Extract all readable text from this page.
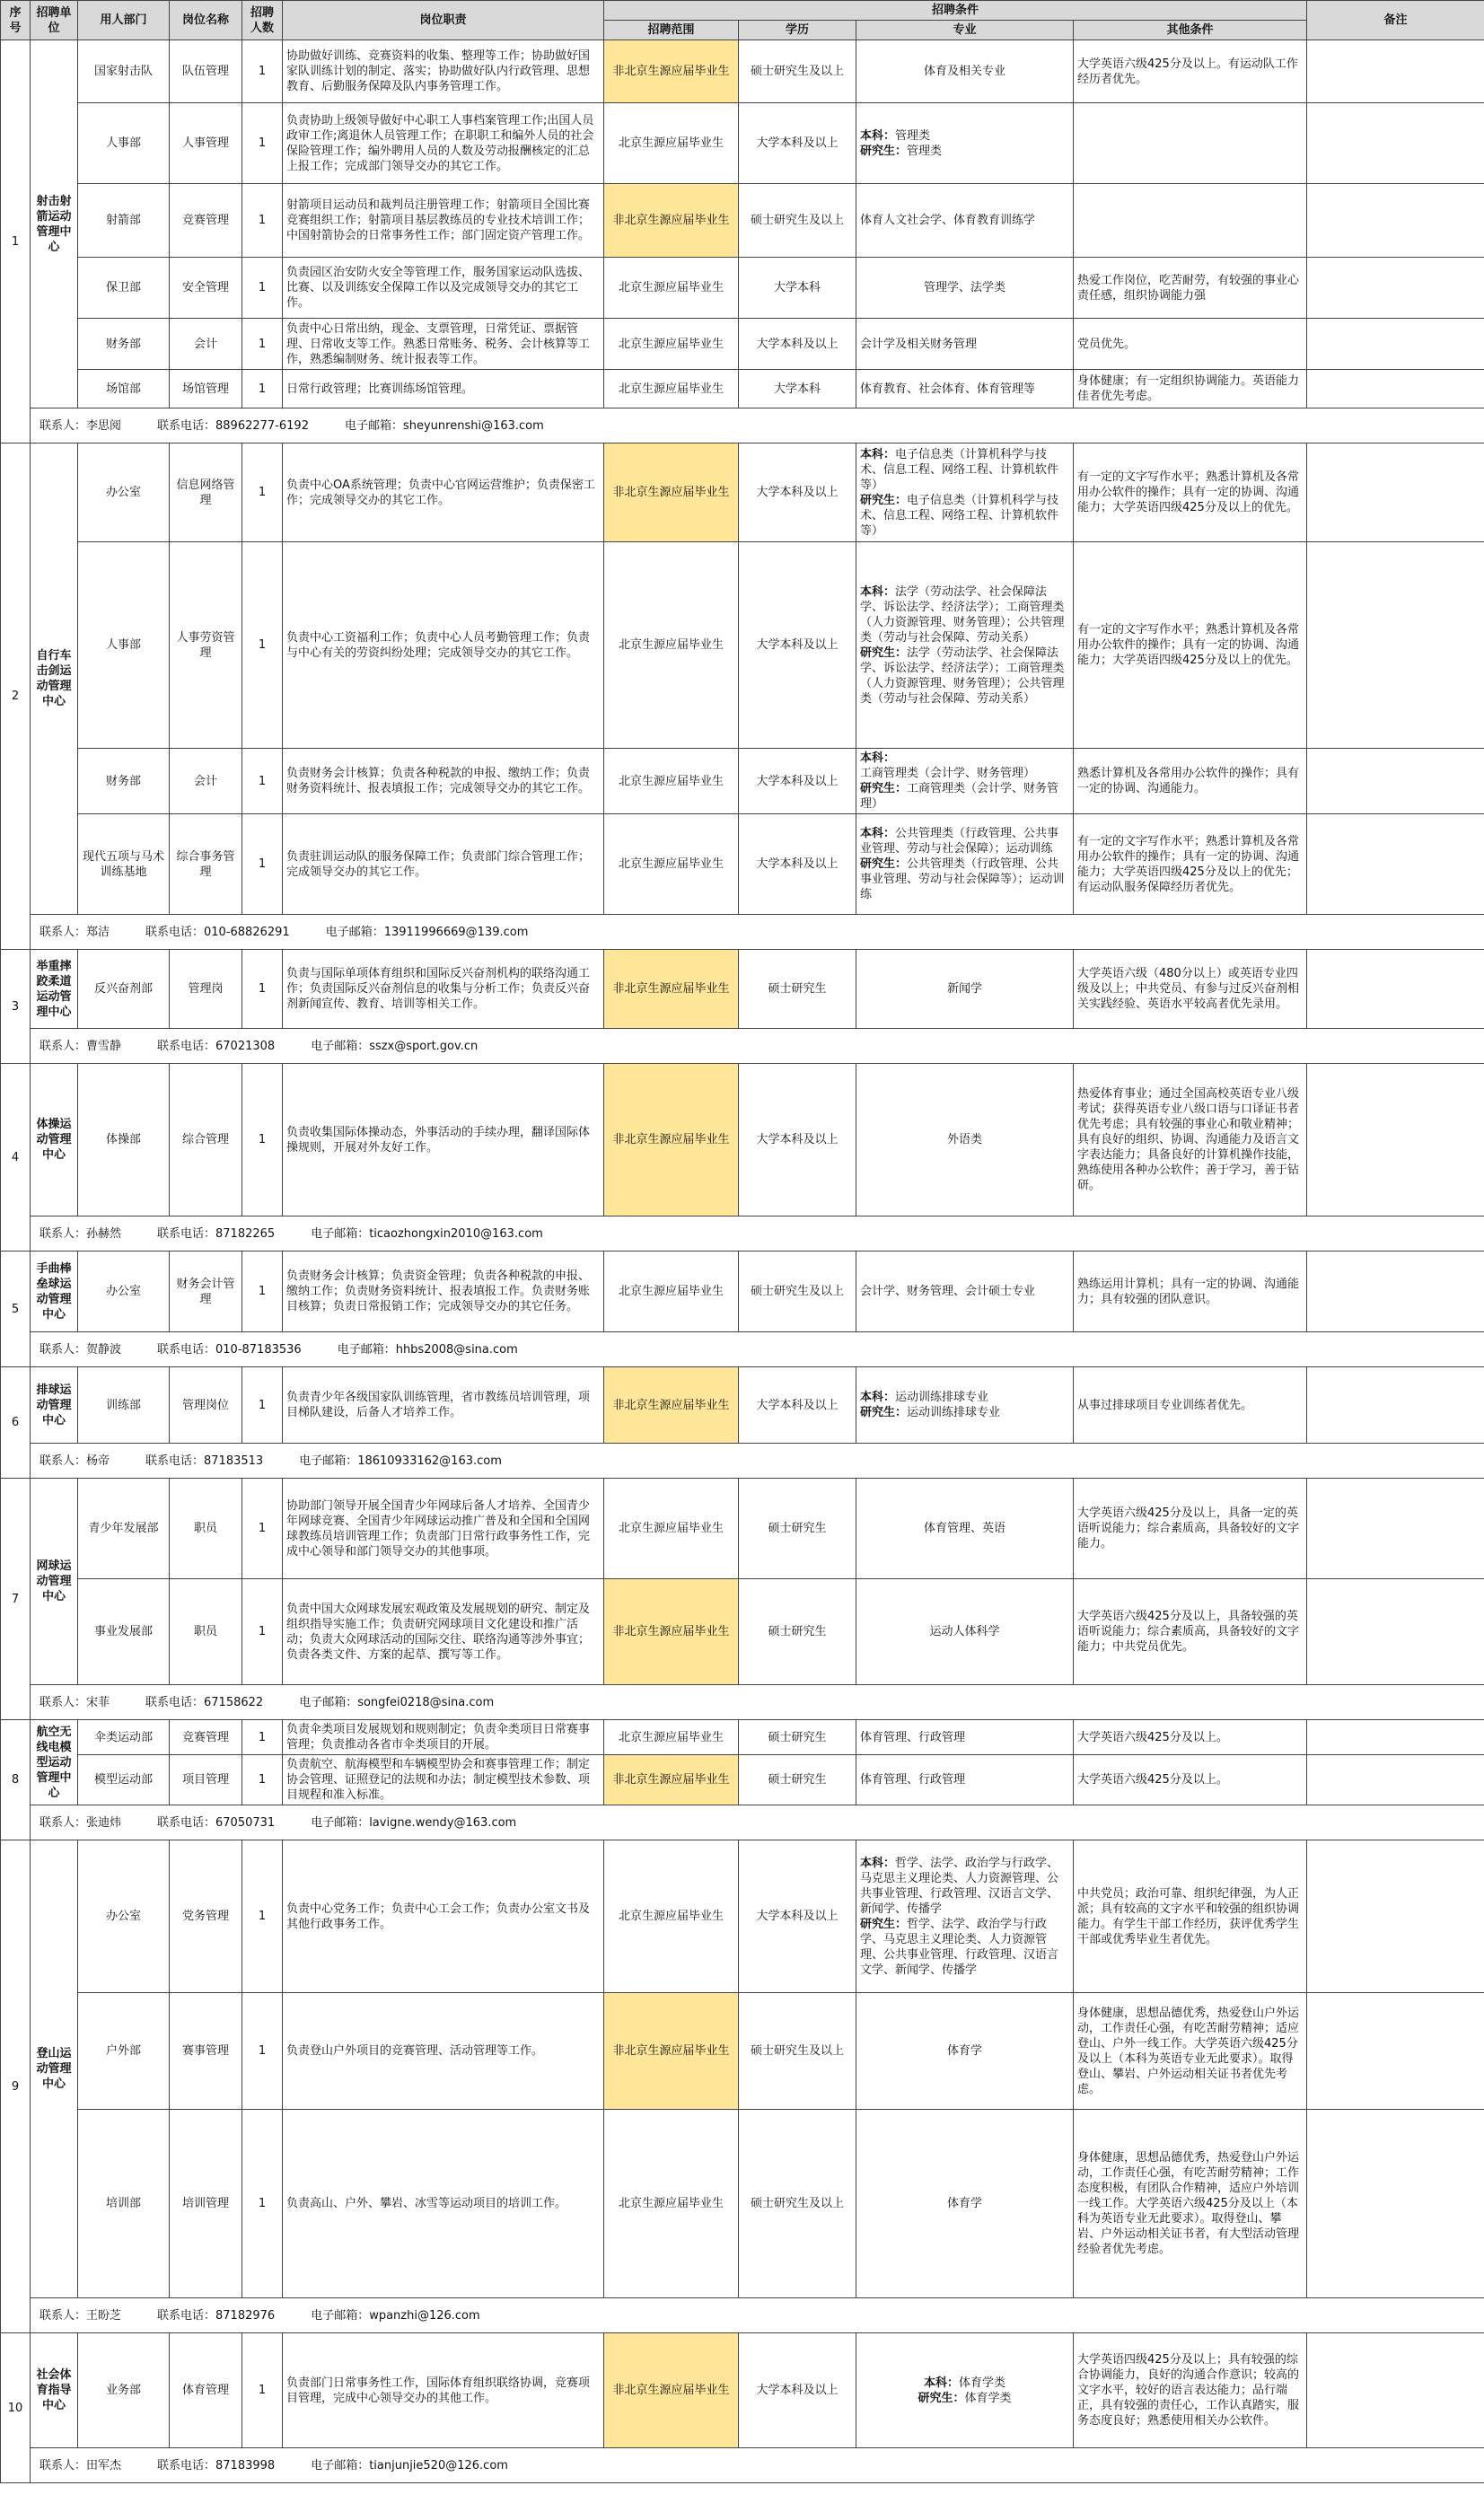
序号	招聘单位	用人部门	岗位名称	招聘人数	岗位职责	招聘条件				备注
						招聘范围	学历	专业	其他条件	
1	射击射箭运动管理中心	国家射击队	队伍管理	1	协助做好训练、竞赛资料的收集、整理等工作；协助做好国家队训练计划的制定、落实；协助做好队内行政管理、思想教育、后勤服务保障及队内事务管理工作。	非北京生源应届毕业生	硕士研究生及以上	体育及相关专业	大学英语六级425分及以上。有运动队工作经历者优先。	
		人事部	人事管理	1	负责协助上级领导做好中心职工人事档案管理工作;出国人员政审工作;离退休人员管理工作；在职职工和编外人员的社会保险管理工作；编外聘用人员的人数及劳动报酬核定的汇总上报工作；完成部门领导交办的其它工作。	北京生源应届毕业生	大学本科及以上	本科：管理类
研究生：管理类		

		射箭部	竞赛管理	1	射箭项目运动员和裁判员注册管理工作；射箭项目全国比赛竞赛组织工作；射箭项目基层教练员的专业技术培训工作；中国射箭协会的日常事务性工作；部门固定资产管理工作。	非北京生源应届毕业生	硕士研究生及以上	体育人文社会学、体育教育训练学		
		保卫部	安全管理	1	负责园区治安防火安全等管理工作，服务国家运动队选拔、比赛、以及训练安全保障工作以及完成领导交办的其它工作。	北京生源应届毕业生	大学本科	管理学、法学类	热爱工作岗位，吃苦耐劳，有较强的事业心责任感，组织协调能力强	
		财务部	会计	1	负责中心日常出纳，现金、支票管理，日常凭证、票据管理、日常收支等工作。熟悉日常账务、税务、会计核算等工作，熟悉编制财务、统计报表等工作。	北京生源应届毕业生	大学本科及以上	会计学及相关财务管理	党员优先。	
		场馆部	场馆管理	1	日常行政管理；比赛训练场馆管理。	北京生源应届毕业生	大学本科	体育教育、社会体育、体育管理等	身体健康；有一定组织协调能力。英语能力佳者优先考虑。	
	联系人：李思阅 联系电话：88962277-6192 电子邮箱：sheyunrenshi@163.com									
2	自行车击剑运动管理中心	办公室	信息网络管理	1	负责中心OA系统管理；负责中心官网运营维护；负责保密工作；完成领导交办的其它工作。	非北京生源应届毕业生	大学本科及以上	本科：电子信息类（计算机科学与技术、信息工程、网络工程、计算机软件等）
研究生：电子信息类（计算机科学与技术、信息工程、网络工程、计算机软件等）	有一定的文字写作水平；熟悉计算机及各常用办公软件的操作；具有一定的协调、沟通能力；大学英语四级425分及以上的优先。	
		人事部	人事劳资管理	1	负责中心工资福利工作；负责中心人员考勤管理工作；负责与中心有关的劳资纠纷处理；完成领导交办的其它工作。	北京生源应届毕业生	大学本科及以上	本科：法学（劳动法学、社会保障法学、诉讼法学、经济法学）；工商管理类（人力资源管理、财务管理）；公共管理类（劳动与社会保障、劳动关系）
研究生：法学（劳动法学、社会保障法学、诉讼法学、经济法学）；工商管理类（人力资源管理、财务管理）；公共管理类（劳动与社会保障、劳动关系）	有一定的文字写作水平；熟悉计算机及各常用办公软件的操作；具有一定的协调、沟通能力；大学英语四级425分及以上的优先。	
		财务部	会计	1	负责财务会计核算；负责各种税款的申报、缴纳工作；负责财务资料统计、报表填报工作；完成领导交办的其它工作。	北京生源应届毕业生	大学本科及以上	本科：工商管理类（会计学、财务管理）
研究生：工商管理类（会计学、财务管理）	熟悉计算机及各常用办公软件的操作；具有一定的协调、沟通能力。	
		现代五项与马术训练基地	综合事务管理	1	负责驻训运动队的服务保障工作；负责部门综合管理工作；完成领导交办的其它工作。	北京生源应届毕业生	大学本科及以上	本科：公共管理类（行政管理、公共事业管理、劳动与社会保障）；运动训练
研究生：公共管理类（行政管理、公共事业管理、劳动与社会保障等）；运动训练	有一定的文字写作水平；熟悉计算机及各常用办公软件的操作；具有一定的协调、沟通能力；大学英语四级425分及以上的优先；有运动队服务保障经历者优先。	
	联系人：郑洁 联系电话：010-68826291 电子邮箱：13911996669@139.com									
3	举重摔跤柔道运动管理中心	反兴奋剂部	管理岗	1	负责与国际单项体育组织和国际反兴奋剂机构的联络沟通工作；负责国际反兴奋剂信息的收集与分析工作；负责反兴奋剂新闻宣传、教育、培训等相关工作。	非北京生源应届毕业生	硕士研究生	新闻学	大学英语六级（480分以上）或英语专业四级及以上；中共党员、有参与过反兴奋剂相关实践经验、英语水平较高者优先录用。	
	联系人：曹雪静 联系电话：67021308 电子邮箱：sszx@sport.gov.cn									
4	体操运动管理中心	体操部	综合管理	1	负责收集国际体操动态，外事活动的手续办理，翻译国际体操规则，开展对外友好工作。	非北京生源应届毕业生	大学本科及以上	外语类	热爱体育事业；通过全国高校英语专业八级考试；获得英语专业八级口语与口译证书者优先考虑；具有较强的事业心和敬业精神；具有良好的组织、协调、沟通能力及语言文字表达能力；具备良好的计算机操作技能，熟练使用各种办公软件；善于学习，善于钻研。	
	联系人：孙赫然 联系电话：87182265 电子邮箱：ticaozhongxin2010@163.com									
5	手曲棒垒球运动管理中心	办公室	财务会计管理	1	负责财务会计核算；负责资金管理；负责各种税款的申报、缴纳工作；负责财务资料统计、报表填报工作。负责财务账目核算；负责日常报销工作；完成领导交办的其它任务。	北京生源应届毕业生	硕士研究生及以上	会计学、财务管理、会计硕士专业	熟练运用计算机；具有一定的协调、沟通能力；具有较强的团队意识。	
	联系人：贺静波 联系电话：010-87183536 电子邮箱：hhbs2008@sina.com									
6	排球运动管理中心	训练部	管理岗位	1	负责青少年各级国家队训练管理，省市教练员培训管理，项目梯队建设，后备人才培养工作。	非北京生源应届毕业生	大学本科及以上	本科：运动训练排球专业
研究生：运动训练排球专业	从事过排球项目专业训练者优先。	
	联系人：杨帝 联系电话：87183513 电子邮箱：18610933162@163.com									
7	网球运动管理中心	青少年发展部	职员	1	协助部门领导开展全国青少年网球后备人才培养、全国青少年网球竞赛、全国青少年网球运动推广普及和全国和全国网球教练员培训管理工作；负责部门日常行政事务性工作，完成中心领导和部门领导交办的其他事项。	北京生源应届毕业生	硕士研究生	体育管理、英语	大学英语六级425分及以上，具备一定的英语听说能力；综合素质高，具备较好的文字能力。	
		事业发展部	职员	1	负责中国大众网球发展宏观政策及发展规划的研究、制定及组织指导实施工作；负责研究网球项目文化建设和推广活动；负责大众网球活动的国际交往、联络沟通等涉外事宜；负责各类文件、方案的起草、撰写等工作。	非北京生源应届毕业生	硕士研究生	运动人体科学	大学英语六级425分及以上，具备较强的英语听说能力；综合素质高，具备较好的文字能力；中共党员优先。	
	联系人：宋菲 联系电话：67158622 电子邮箱：songfei0218@sina.com									
8	航空无线电模型运动管理中心	伞类运动部	竞赛管理	1	负责伞类项目发展规划和规则制定；负责伞类项目日常赛事管理；负责推动各省市伞类项目的开展。	北京生源应届毕业生	硕士研究生	体育管理、行政管理	大学英语六级425分及以上。	
		模型运动部	项目管理	1	负责航空、航海模型和车辆模型协会和赛事管理工作；制定协会管理、证照登记的法规和办法；制定模型技术参数、项目规程和准入标准。	非北京生源应届毕业生	硕士研究生	体育管理、行政管理	大学英语六级425分及以上。	
	联系人：张迪炜 联系电话：67050731 电子邮箱：lavigne.wendy@163.com									
9	登山运动管理中心	办公室	党务管理	1	负责中心党务工作；负责中心工会工作；负责办公室文书及其他行政事务工作。	北京生源应届毕业生	大学本科及以上	本科：哲学、法学、政治学与行政学、马克思主义理论类、人力资源管理、公共事业管理、行政管理、汉语言文学、新闻学、传播学
研究生：哲学、法学、政治学与行政学、马克思主义理论类、人力资源管理、公共事业管理、行政管理、汉语言文学、新闻学、传播学	中共党员；政治可靠、组织纪律强，为人正派；具有较高的文字水平和较强的组织协调能力。有学生干部工作经历，获评优秀学生干部或优秀毕业生者优先。	
		户外部	赛事管理	1	负责登山户外项目的竞赛管理、活动管理等工作。	非北京生源应届毕业生	硕士研究生及以上	体育学	身体健康，思想品德优秀，热爱登山户外运动，工作责任心强，有吃苦耐劳精神；适应登山、户外一线工作。大学英语六级425分及以上（本科为英语专业无此要求）。取得登山、攀岩、户外运动相关证书者优先考虑。	
		培训部	培训管理	1	负责高山、户外、攀岩、冰雪等运动项目的培训工作。	北京生源应届毕业生	硕士研究生及以上	体育学	身体健康，思想品德优秀，热爱登山户外运动，工作责任心强，有吃苦耐劳精神；工作态度积极，有团队合作精神，适应户外培训一线工作。大学英语六级425分及以上（本科为英语专业无此要求）。取得登山、攀岩、户外运动相关证书者，有大型活动管理经验者优先考虑。	
	联系人：王盼芝 联系电话：87182976 电子邮箱：wpanzhi@126.com									
10	社会体育指导中心	业务部	体育管理	1	负责部门日常事务性工作，国际体育组织联络协调，竞赛项目管理，完成中心领导交办的其他工作。	非北京生源应届毕业生	大学本科及以上	本科：体育学类
研究生：体育学类	大学英语四级425分及以上；具有较强的综合协调能力，良好的沟通合作意识；较高的文字水平，较好的语言表达能力；品行端正，具有较强的责任心，工作认真踏实，服务态度良好；熟悉使用相关办公软件。	
	联系人：田军杰 联系电话：87183998 电子邮箱：tianjunjie520@126.com									
